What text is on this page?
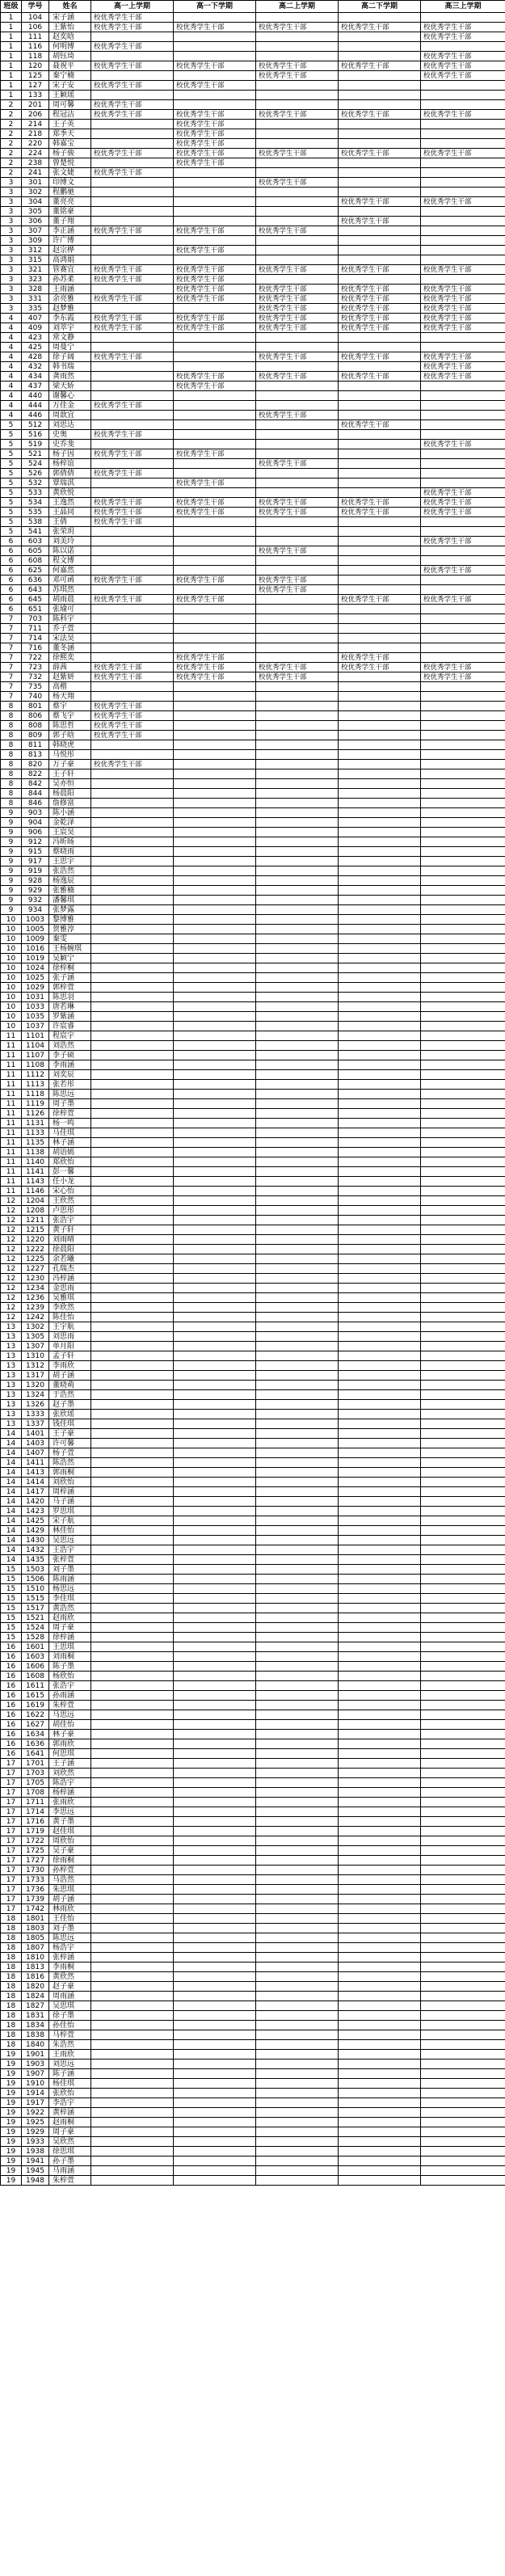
班级	学号	姓名	高一上学期	高一下学期	高二上学期	高二下学期	高三上学期
1	104	宋子涵	校优秀学生干部				
1	106	王紫怡	校优秀学生干部	校优秀学生干部	校优秀学生干部	校优秀学生干部	校优秀学生干部
1	111	赵奕晗					校优秀学生干部
1	116	何明博	校优秀学生干部				
1	118	胡钰琦					校优秀学生干部
1	120	聂祝平	校优秀学生干部	校优秀学生干部	校优秀学生干部	校优秀学生干部	校优秀学生干部
1	125	秦宁楠			校优秀学生干部		校优秀学生干部
1	127	宋子安	校优秀学生干部	校优秀学生干部			
1	133	王颖瑶					
2	201	周可馨	校优秀学生干部				
2	206	程冠洁	校优秀学生干部	校优秀学生干部	校优秀学生干部	校优秀学生干部	校优秀学生干部
2	214	王子英		校优秀学生干部			
2	218	郑季天		校优秀学生干部			
2	220	韩嘉宝		校优秀学生干部			
2	224	杨子骏	校优秀学生干部	校优秀学生干部	校优秀学生干部	校优秀学生干部	校优秀学生干部
2	238	曾楚悦		校优秀学生干部			
2	241	张文婕	校优秀学生干部				
3	301	印博文			校优秀学生干部		
3	302	程鹏驰					
3	304	董亮亮				校优秀学生干部	校优秀学生干部
3	305	董铭豪					
3	306	董子翔				校优秀学生干部	
3	307	李正涵	校优秀学生干部	校优秀学生干部	校优秀学生干部		
3	309	许广博					
3	312	赵宗桦		校优秀学生干部			
3	315	高鸿娟					
3	321	管赛宜	校优秀学生干部	校优秀学生干部	校优秀学生干部	校优秀学生干部	校优秀学生干部
3	323	孙苏柔	校优秀学生干部	校优秀学生干部			
3	328	王雨涵		校优秀学生干部	校优秀学生干部	校优秀学生干部	校优秀学生干部
3	331	余亮雅	校优秀学生干部	校优秀学生干部	校优秀学生干部	校优秀学生干部	校优秀学生干部
3	335	赵梦雅			校优秀学生干部	校优秀学生干部	校优秀学生干部
4	407	李东霞	校优秀学生干部	校优秀学生干部	校优秀学生干部	校优秀学生干部	校优秀学生干部
4	409	刘萃宇	校优秀学生干部	校优秀学生干部	校优秀学生干部	校优秀学生干部	校优秀学生干部
4	423	常文静					
4	425	周曼宁					
4	428	徐子阔	校优秀学生干部		校优秀学生干部	校优秀学生干部	校优秀学生干部
4	432	韩书瑞					校优秀学生干部
4	434	龚雨然		校优秀学生干部	校优秀学生干部	校优秀学生干部	校优秀学生干部
4	437	梁天娇		校优秀学生干部			
4	440	谢馨心					
4	444	万佳金	校优秀学生干部				
4	446	周歆宜			校优秀学生干部		
5	512	刘思达				校优秀学生干部	
5	516	史奥	校优秀学生干部				
5	519	史乔斐					校优秀学生干部
5	521	杨子因	校优秀学生干部	校优秀学生干部			
5	524	杨梓谊			校优秀学生干部		
5	526	郭倩倩	校优秀学生干部				
5	532	覃瑞淇		校优秀学生干部			
5	533	黄欣悦					校优秀学生干部
5	534	王逸然	校优秀学生干部	校优秀学生干部	校优秀学生干部	校优秀学生干部	校优秀学生干部
5	535	王晶同	校优秀学生干部	校优秀学生干部	校优秀学生干部	校优秀学生干部	校优秀学生干部
5	538	王倩	校优秀学生干部				
5	541	张荣玥					
6	603	刘美玲					校优秀学生干部
6	605	陈以诺			校优秀学生干部		
6	608	程文博					
6	625	何嘉然					校优秀学生干部
6	636	邓可函	校优秀学生干部	校优秀学生干部	校优秀学生干部		
6	643	苏琪然			校优秀学生干部		
6	645	胡雨晨	校优秀学生干部	校优秀学生干部		校优秀学生干部	校优秀学生干部
6	651	张瑜可					
7	703	陈科宇					
7	711	乔子萱					
7	714	宋法昊					
7	716	董冬涵					
7	722	徐熙奕		校优秀学生干部		校优秀学生干部	
7	723	薛茜	校优秀学生干部	校优秀学生干部	校优秀学生干部	校优秀学生干部	校优秀学生干部
7	732	赵紫妍	校优秀学生干部	校优秀学生干部	校优秀学生干部		校优秀学生干部
7	735	高楷					
7	740	杨天翔					
8	801	蔡宇	校优秀学生干部				
8	806	蔡飞宇	校优秀学生干部				
8	808	陈思哲	校优秀学生干部				
8	809	郭子晗	校优秀学生干部				
8	811	韩晓虎					
8	813	马悦彤					
8	820	万子豪	校优秀学生干部				
8	822	王子轩					
8	842	吴亦恒					
8	844	杨晨阳					
8	846	詹修富					
9	903	陈小涵					
9	904	金乾泽					
9	906	王宸昊					
9	912	冯昕旸					
9	915	蔡晓雨					
9	917	王思宇					
9	919	张浩然					
9	928	杨逸辰					
9	929	张雅楠					
9	932	潘馨琪					
9	934	张梦露					
10	1003	黎博雅					
10	1005	贺雅淳					
10	1009	秦雯					
10	1016	王杨婉琪					
10	1019	吴颖宁					
10	1024	徐梓桐					
10	1025	张子涵					
10	1029	郭梓萱					
10	1031	陈思羽					
10	1033	唐若琳					
10	1035	罗紫涵					
10	1037	许宸睿					
11	1101	程宸宇					
11	1104	刘浩然					
11	1107	李子硕					
11	1108	李雨涵					
11	1112	刘奕辰					
11	1113	张若彤					
11	1118	陈思远					
11	1119	周子墨					
11	1126	徐梓萱					
11	1131	杨一鸣					
11	1133	马佳琪					
11	1135	林子涵					
11	1138	胡语嫣					
11	1140	郑欣怡					
11	1141	彭一馨					
11	1143	任小龙					
11	1146	宋心怡					
12	1204	王欣然					
12	1208	卢思彤					
12	1211	张浩宇					
12	1215	黄子轩					
12	1220	刘雨晴					
12	1222	徐晨阳					
12	1225	余若曦					
12	1227	孔瑞杰					
12	1230	冯梓涵					
12	1234	金思雨					
12	1236	吴雅琪					
12	1239	李欣然					
12	1242	陈佳怡					
13	1302	王宇航					
13	1305	刘思雨					
13	1307	单月阳					
13	1310	孟子轩					
13	1312	李雨欣					
13	1317	胡子涵					
13	1320	董晓萌					
13	1324	于浩然					
13	1326	赵子墨					
13	1333	张欣瑶					
13	1337	钱佳琪					
14	1401	王子豪					
14	1403	许可馨					
14	1407	杨子萱					
14	1411	陈浩然					
14	1413	郭雨桐					
14	1414	刘欣怡					
14	1417	周梓涵					
14	1420	马子涵					
14	1423	罗思琪					
14	1425	宋子航					
14	1429	林佳怡					
14	1430	吴思远					
14	1432	王浩宇					
14	1435	张梓萱					
15	1503	刘子墨					
15	1506	陈雨涵					
15	1510	杨思远					
15	1515	李佳琪					
15	1517	黄浩然					
15	1521	赵雨欣					
15	1524	周子豪					
15	1528	徐梓涵					
16	1601	王思琪					
16	1603	刘雨桐					
16	1606	陈子墨					
16	1608	杨欣怡					
16	1611	张浩宇					
16	1615	孙雨涵					
16	1619	朱梓萱					
16	1622	马思远					
16	1627	胡佳怡					
16	1634	林子豪					
16	1636	郭雨欣					
16	1641	何思琪					
17	1701	王子涵					
17	1703	刘欣然					
17	1705	陈浩宇					
17	1708	杨梓涵					
17	1711	张雨欣					
17	1714	李思远					
17	1716	黄子墨					
17	1719	赵佳琪					
17	1722	周欣怡					
17	1725	吴子豪					
17	1727	徐雨桐					
17	1730	孙梓萱					
17	1733	马浩然					
17	1736	朱思琪					
17	1739	胡子涵					
17	1742	林雨欣					
18	1801	王佳怡					
18	1803	刘子墨					
18	1805	陈思远					
18	1807	杨浩宇					
18	1810	张梓涵					
18	1813	李雨桐					
18	1816	黄欣然					
18	1820	赵子豪					
18	1824	周雨涵					
18	1827	吴思琪					
18	1831	徐子墨					
18	1834	孙佳怡					
18	1838	马梓萱					
18	1840	朱浩然					
19	1901	王雨欣					
19	1903	刘思远					
19	1907	陈子涵					
19	1910	杨佳琪					
19	1914	张欣怡					
19	1917	李浩宇					
19	1922	黄梓涵					
19	1925	赵雨桐					
19	1929	周子豪					
19	1933	吴欣然					
19	1938	徐思琪					
19	1941	孙子墨					
19	1945	马雨涵					
19	1948	朱梓萱					
